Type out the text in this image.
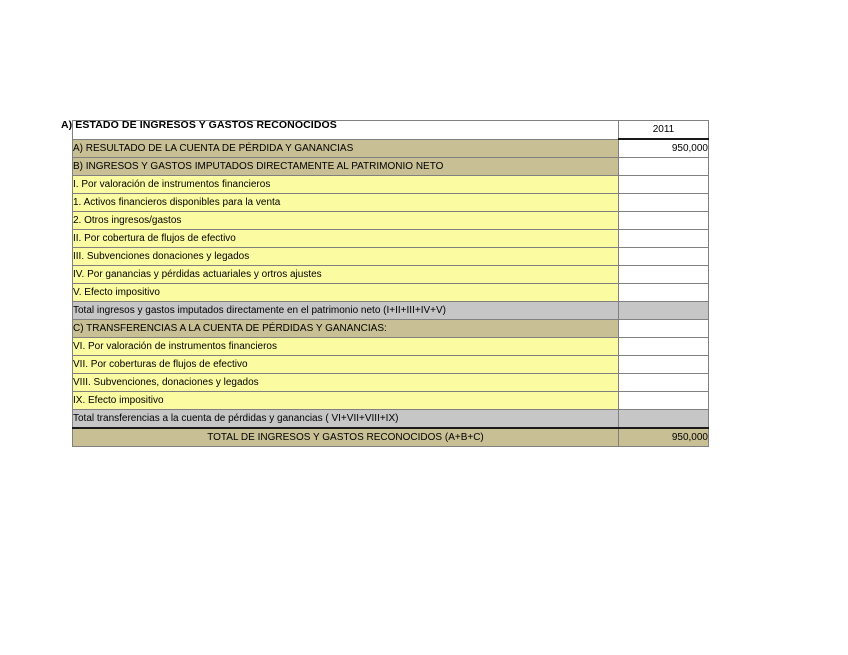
A) ESTADO DE INGRESOS Y GASTOS RECONOCIDOS
		2011
A) RESULTADO DE LA CUENTA DE PÉRDIDA Y GANANCIAS	950,000
B) INGRESOS Y GASTOS IMPUTADOS DIRECTAMENTE AL PATRIMONIO NETO	
I. Por valoración de instrumentos financieros	
1. Activos financieros disponibles para la venta	
2. Otros ingresos/gastos	
II. Por cobertura de flujos de efectivo	
III. Subvenciones donaciones y legados	
IV. Por ganancias y pérdidas actuariales y ortros ajustes	
V. Efecto impositivo	
Total ingresos y gastos imputados directamente en el patrimonio neto (I+II+III+IV+V)	
C) TRANSFERENCIAS A LA CUENTA DE PÉRDIDAS Y GANANCIAS:	
VI. Por valoración de instrumentos financieros	
VII. Por coberturas de flujos de efectivo	
VIII. Subvenciones, donaciones y legados	
IX. Efecto impositivo	
Total transferencias a la cuenta de pérdidas y ganancias ( VI+VII+VIII+IX)	
TOTAL DE INGRESOS Y GASTOS RECONOCIDOS (A+B+C)	950,000
